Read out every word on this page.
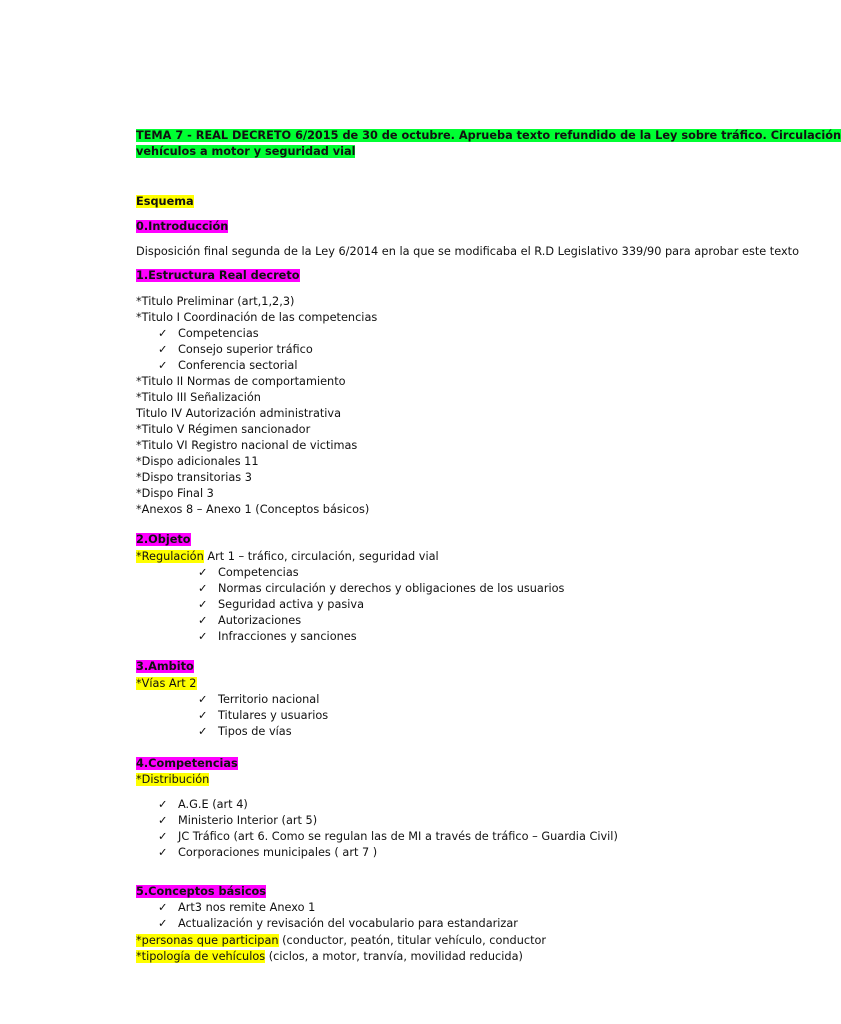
TEMA 7 - REAL DECRETO 6/2015 de 30 de octubre. Aprueba texto refundido de la Ley sobre tráfico. Circulación
vehículos a motor y seguridad vial
Esquema
0.Introducción
Disposición final segunda de la Ley 6/2014 en la que se modificaba el R.D Legislativo 339/90 para aprobar este texto
1.Estructura Real decreto
*Titulo Preliminar (art,1,2,3)
*Titulo I Coordinación de las competencias
✓ Competencias
✓ Consejo superior tráfico
✓ Conferencia sectorial
*Titulo II Normas de comportamiento
*Titulo III Señalización
Titulo IV Autorización administrativa
*Titulo V Régimen sancionador
*Titulo VI Registro nacional de victimas
*Dispo adicionales 11
*Dispo transitorias 3
*Dispo Final 3
*Anexos 8 – Anexo 1 (Conceptos básicos)
2.Objeto
*Regulación Art 1 – tráfico, circulación, seguridad vial
✓ Competencias
✓ Normas circulación y derechos y obligaciones de los usuarios
✓ Seguridad activa y pasiva
✓ Autorizaciones
✓ Infracciones y sanciones
3.Ambito
*Vías Art 2
✓ Territorio nacional
✓ Titulares y usuarios
✓ Tipos de vías
4.Competencias
*Distribución
✓ A.G.E (art 4)
✓ Ministerio Interior (art 5)
✓ JC Tráfico (art 6. Como se regulan las de MI a través de tráfico – Guardia Civil)
✓ Corporaciones municipales ( art 7 )
5.Conceptos básicos
✓ Art3 nos remite Anexo 1
✓ Actualización y revisación del vocabulario para estandarizar
*personas que participan (conductor, peatón, titular vehículo, conductor
*tipología de vehículos (ciclos, a motor, tranvía, movilidad reducida)
